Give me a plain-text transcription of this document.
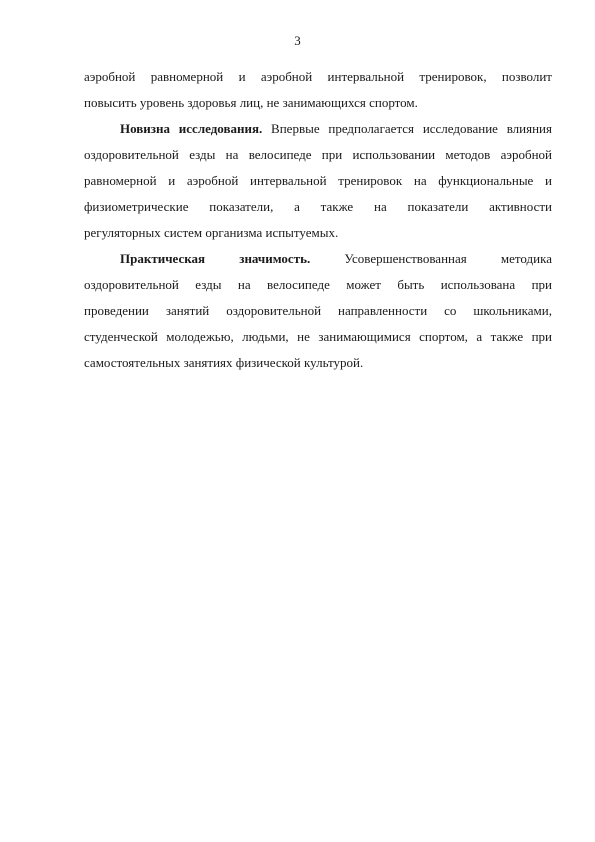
3
аэробной равномерной и аэробной интервальной тренировок, позволит
повысить уровень здоровья лиц, не занимающихся спортом.
Новизна исследования. Впервые предполагается исследование влияния
оздоровительной езды на велосипеде при использовании методов аэробной
равномерной и аэробной интервальной тренировок на функциональные и
физиометрические показатели, а также на показатели активности
регуляторных систем организма испытуемых.
Практическая значимость. Усовершенствованная методика
оздоровительной езды на велосипеде может быть использована при
проведении занятий оздоровительной направленности со школьниками,
студенческой молодежью, людьми, не занимающимися спортом, а также при
самостоятельных занятиях физической культурой.
